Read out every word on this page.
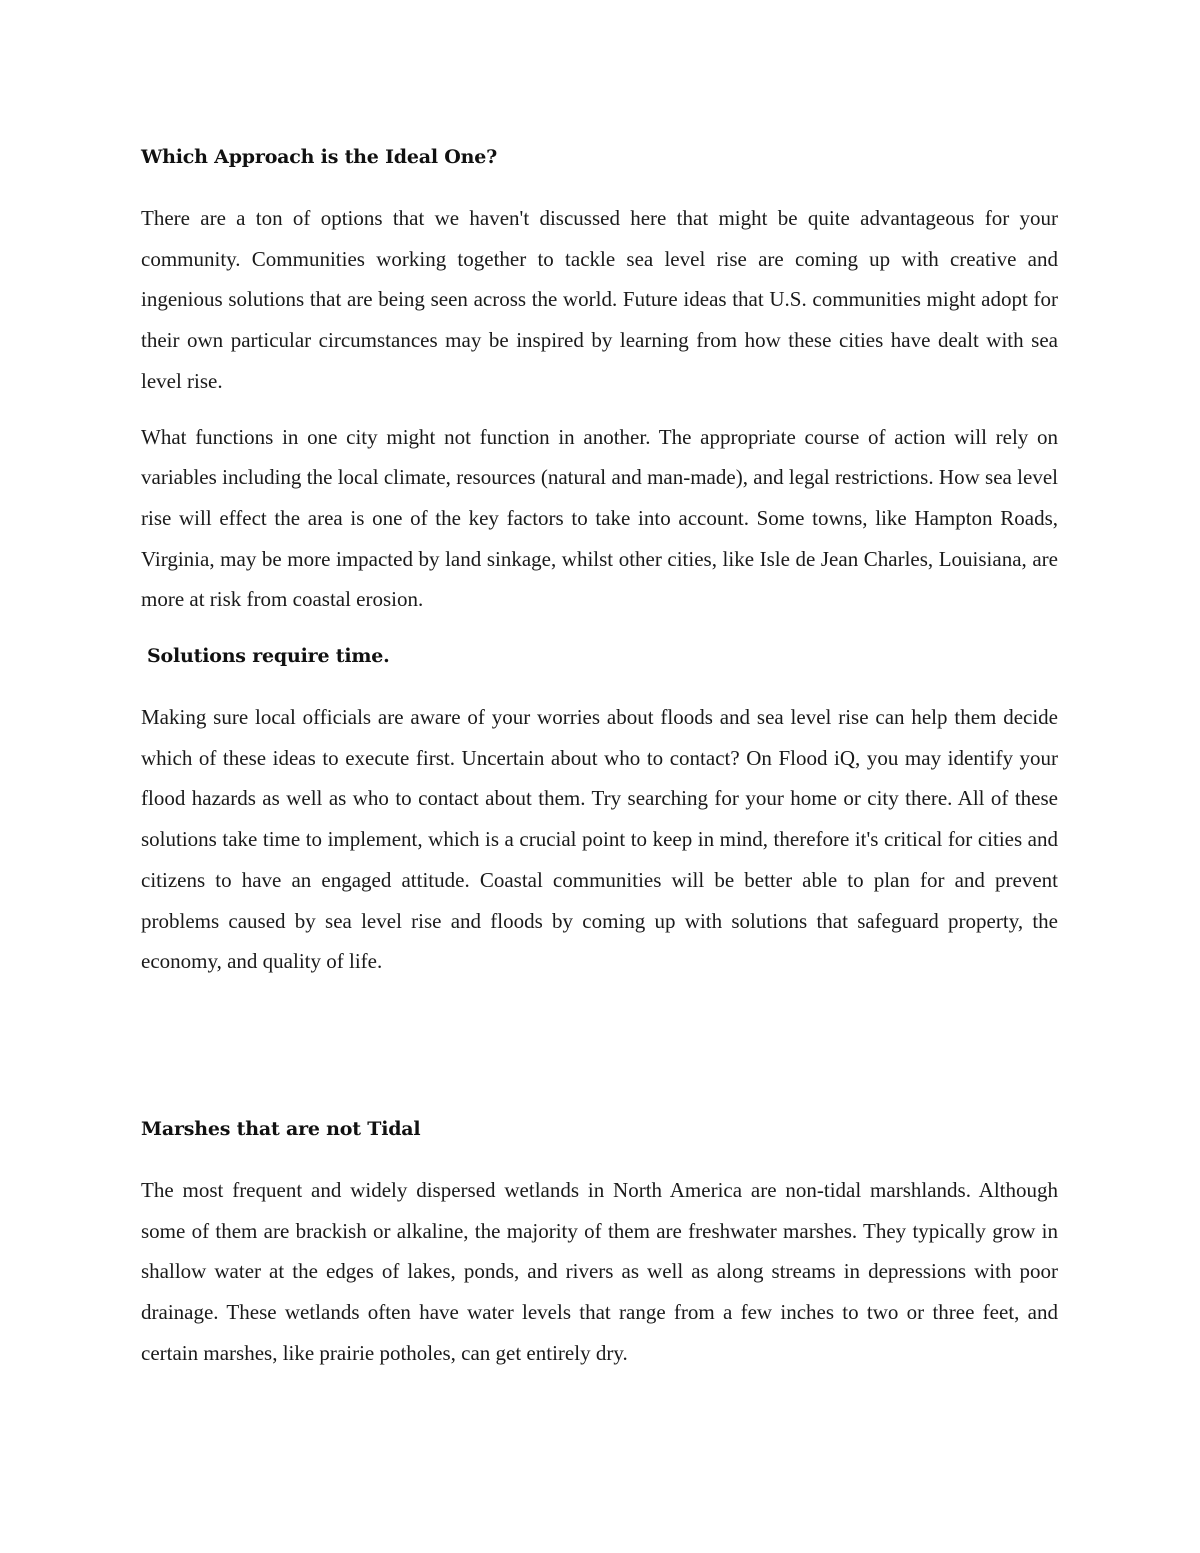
Which Approach is the Ideal One?

There are a ton of options that we haven't discussed here that might be quite advantageous for your community. Communities working together to tackle sea level rise are coming up with creative and ingenious solutions that are being seen across the world. Future ideas that U.S. communities might adopt for their own particular circumstances may be inspired by learning from how these cities have dealt with sea level rise.

What functions in one city might not function in another. The appropriate course of action will rely on variables including the local climate, resources (natural and man-made), and legal restrictions. How sea level rise will effect the area is one of the key factors to take into account. Some towns, like Hampton Roads, Virginia, may be more impacted by land sinkage, whilst other cities, like Isle de Jean Charles, Louisiana, are more at risk from coastal erosion.

Solutions require time.

Making sure local officials are aware of your worries about floods and sea level rise can help them decide which of these ideas to execute first. Uncertain about who to contact? On Flood iQ, you may identify your flood hazards as well as who to contact about them. Try searching for your home or city there. All of these solutions take time to implement, which is a crucial point to keep in mind, therefore it's critical for cities and citizens to have an engaged attitude. Coastal communities will be better able to plan for and prevent problems caused by sea level rise and floods by coming up with solutions that safeguard property, the economy, and quality of life.

Marshes that are not Tidal

The most frequent and widely dispersed wetlands in North America are non-tidal marshlands. Although some of them are brackish or alkaline, the majority of them are freshwater marshes. They typically grow in shallow water at the edges of lakes, ponds, and rivers as well as along streams in depressions with poor drainage. These wetlands often have water levels that range from a few inches to two or three feet, and certain marshes, like prairie potholes, can get entirely dry.
